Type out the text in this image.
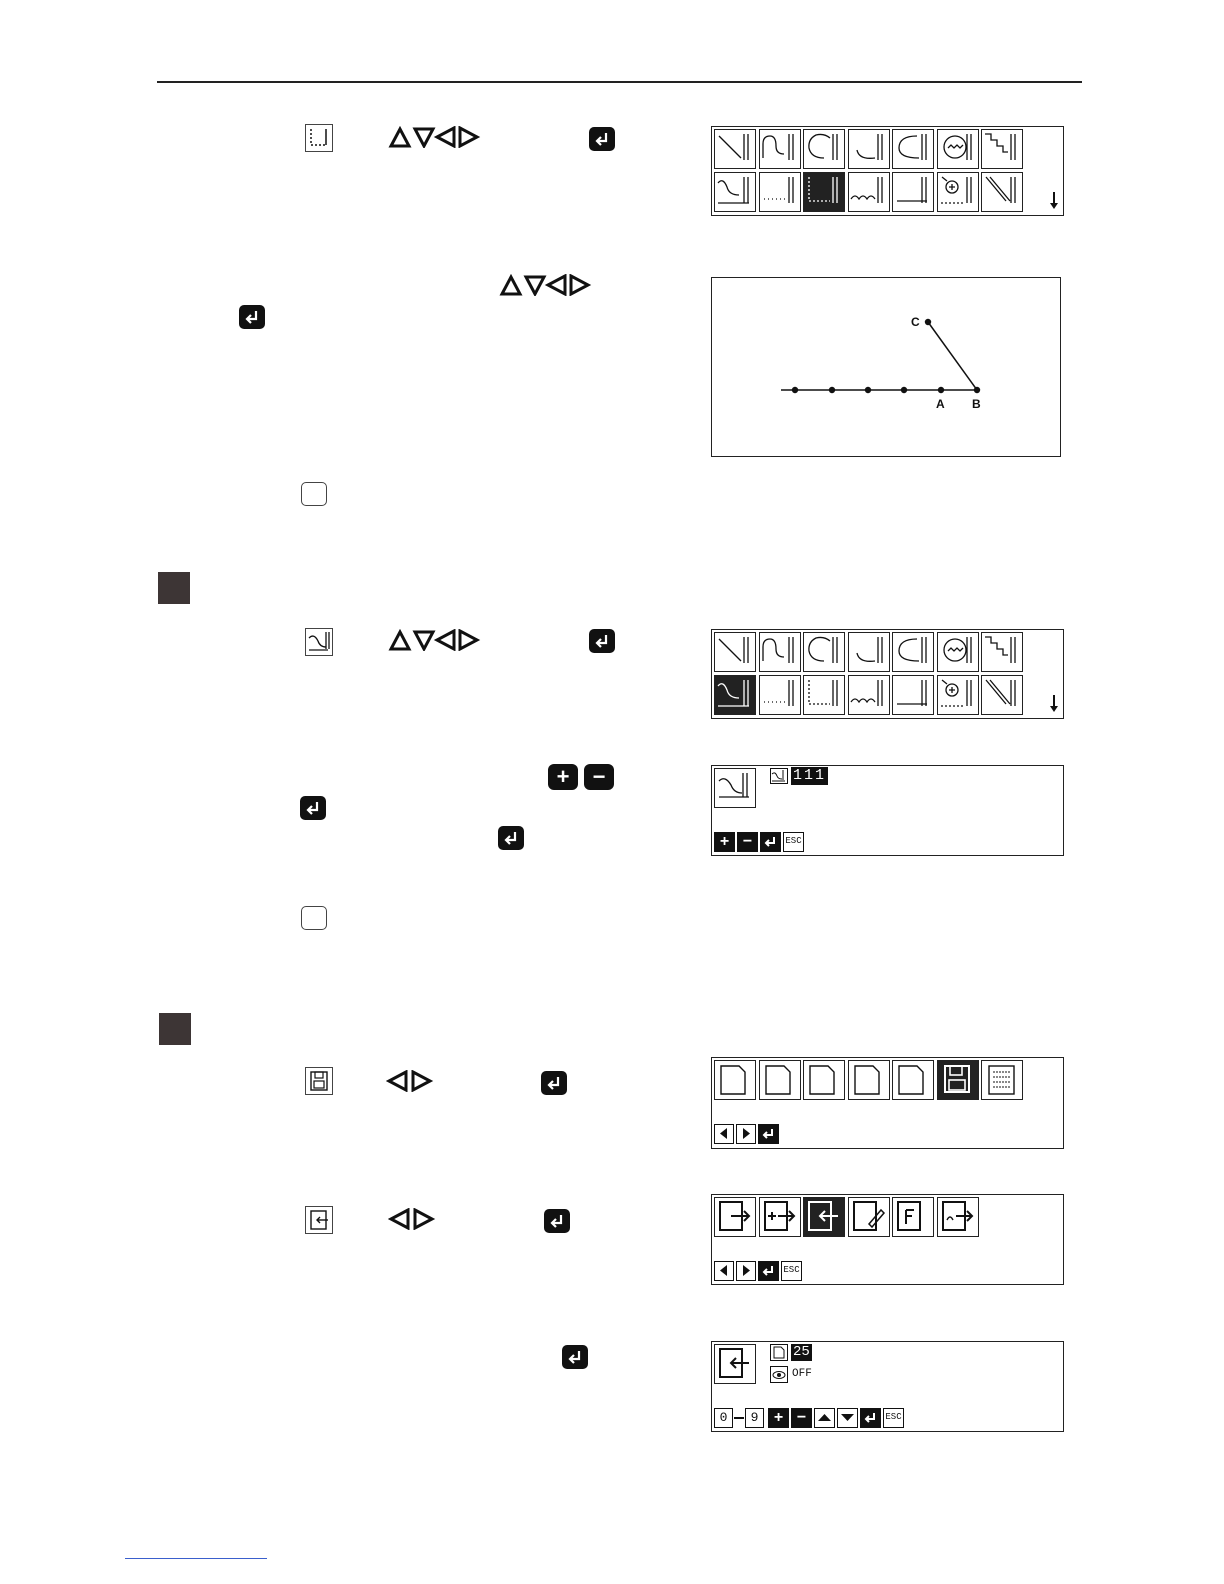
C
A B
+	−	111
+ −	ESC
ESC
25
OFF
0	9 + −	ESC
